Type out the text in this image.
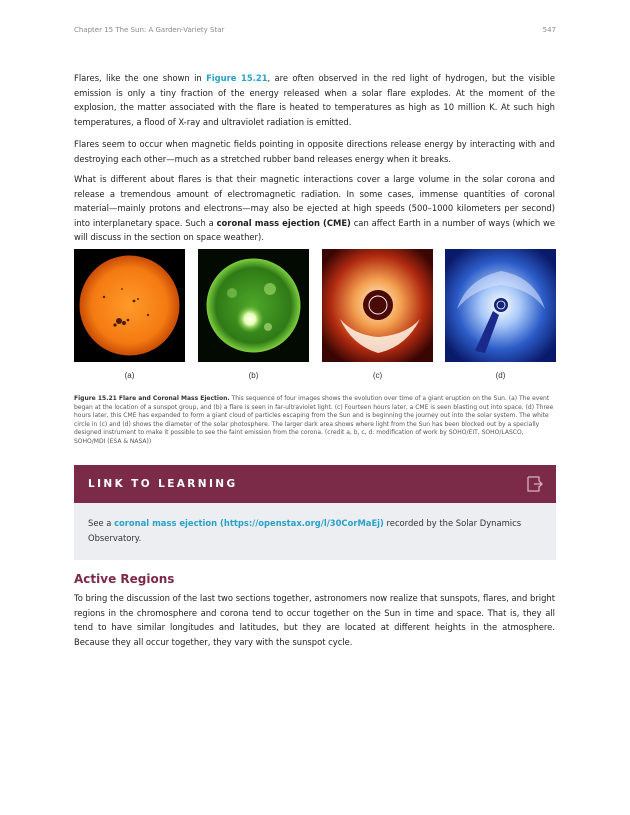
Chapter 15 The Sun: A Garden-Variety Star	547

Flares, like the one shown in Figure 15.21, are often observed in the red light of hydrogen, but the visible emission is only a tiny fraction of the energy released when a solar flare explodes. At the moment of the explosion, the matter associated with the flare is heated to temperatures as high as 10 million K. At such high temperatures, a flood of X-ray and ultraviolet radiation is emitted.

Flares seem to occur when magnetic fields pointing in opposite directions release energy by interacting with and destroying each other—much as a stretched rubber band releases energy when it breaks.

What is different about flares is that their magnetic interactions cover a large volume in the solar corona and release a tremendous amount of electromagnetic radiation. In some cases, immense quantities of coronal material—mainly protons and electrons—may also be ejected at high speeds (500–1000 kilometers per second) into interplanetary space. Such a coronal mass ejection (CME) can affect Earth in a number of ways (which we will discuss in the section on space weather).

(a)	(b)	(c)	(d)

Figure 15.21 Flare and Coronal Mass Ejection. This sequence of four images shows the evolution over time of a giant eruption on the Sun. (a) The event began at the location of a sunspot group, and (b) a flare is seen in far-ultraviolet light. (c) Fourteen hours later, a CME is seen blasting out into space. (d) Three hours later, this CME has expanded to form a giant cloud of particles escaping from the Sun and is beginning the journey out into the solar system. The white circle in (c) and (d) shows the diameter of the solar photosphere. The larger dark area shows where light from the Sun has been blocked out by a specially designed instrument to make it possible to see the faint emission from the corona. (credit a, b, c, d: modification of work by SOHO/EIT, SOHO/LASCO, SOHO/MDI (ESA & NASA))

LINK TO LEARNING

See a coronal mass ejection (https://openstax.org/l/30CorMaEj) recorded by the Solar Dynamics Observatory.

Active Regions

To bring the discussion of the last two sections together, astronomers now realize that sunspots, flares, and bright regions in the chromosphere and corona tend to occur together on the Sun in time and space. That is, they all tend to have similar longitudes and latitudes, but they are located at different heights in the atmosphere. Because they all occur together, they vary with the sunspot cycle.
